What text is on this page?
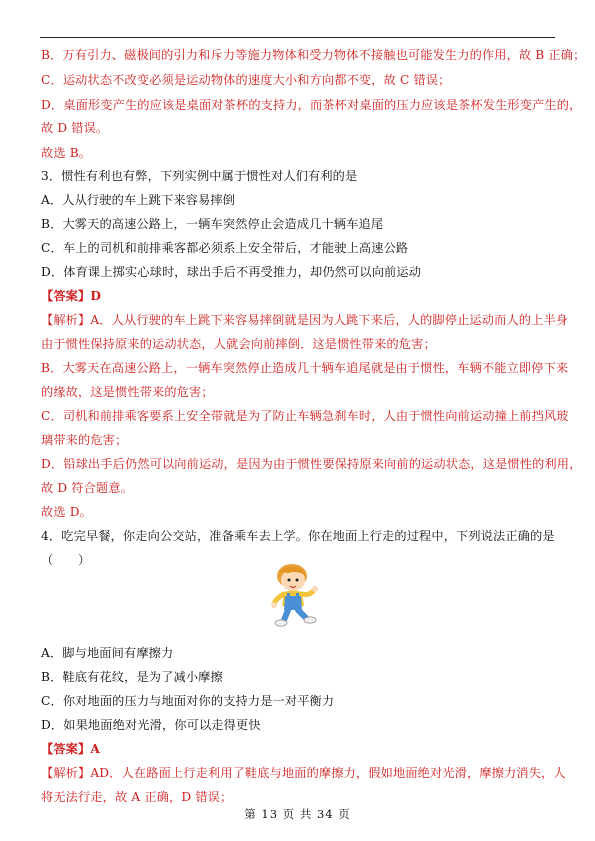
B．万有引力、磁极间的引力和斥力等施力物体和受力物体不接触也可能发生力的作用，故 B 正确；
C．运动状态不改变必须是运动物体的速度大小和方向都不变，故 C 错误；
D．桌面形变产生的应该是桌面对茶杯的支持力，而茶杯对桌面的压力应该是茶杯发生形变产生的，
故 D 错误。
故选 B。
3．惯性有利也有弊，下列实例中属于惯性对人们有利的是
A．人从行驶的车上跳下来容易摔倒
B．大雾天的高速公路上，一辆车突然停止会造成几十辆车追尾
C．车上的司机和前排乘客都必须系上安全带后，才能驶上高速公路
D．体育课上掷实心球时，球出手后不再受推力，却仍然可以向前运动
【答案】D
【解析】A．人从行驶的车上跳下来容易摔倒就是因为人跳下来后，人的脚停止运动而人的上半身
由于惯性保持原来的运动状态，人就会向前摔倒．这是惯性带来的危害；
B．大雾天在高速公路上，一辆车突然停止造成几十辆车追尾就是由于惯性，车辆不能立即停下来
的缘故，这是惯性带来的危害；
C．司机和前排乘客要系上安全带就是为了防止车辆急刹车时，人由于惯性向前运动撞上前挡风玻
璃带来的危害；
D．铅球出手后仍然可以向前运动，是因为由于惯性要保持原来向前的运动状态，这是惯性的利用，
故 D 符合题意。
故选 D。
4．吃完早餐，你走向公交站，准备乘车去上学。你在地面上行走的过程中，下列说法正确的是
（　　）
A．脚与地面间有摩擦力
B．鞋底有花纹，是为了减小摩擦
C．你对地面的压力与地面对你的支持力是一对平衡力
D．如果地面绝对光滑，你可以走得更快
【答案】A
【解析】AD．人在路面上行走利用了鞋底与地面的摩擦力，假如地面绝对光滑，摩擦力消失，人
将无法行走，故 A 正确，D 错误；
第 13 页 共 34 页
